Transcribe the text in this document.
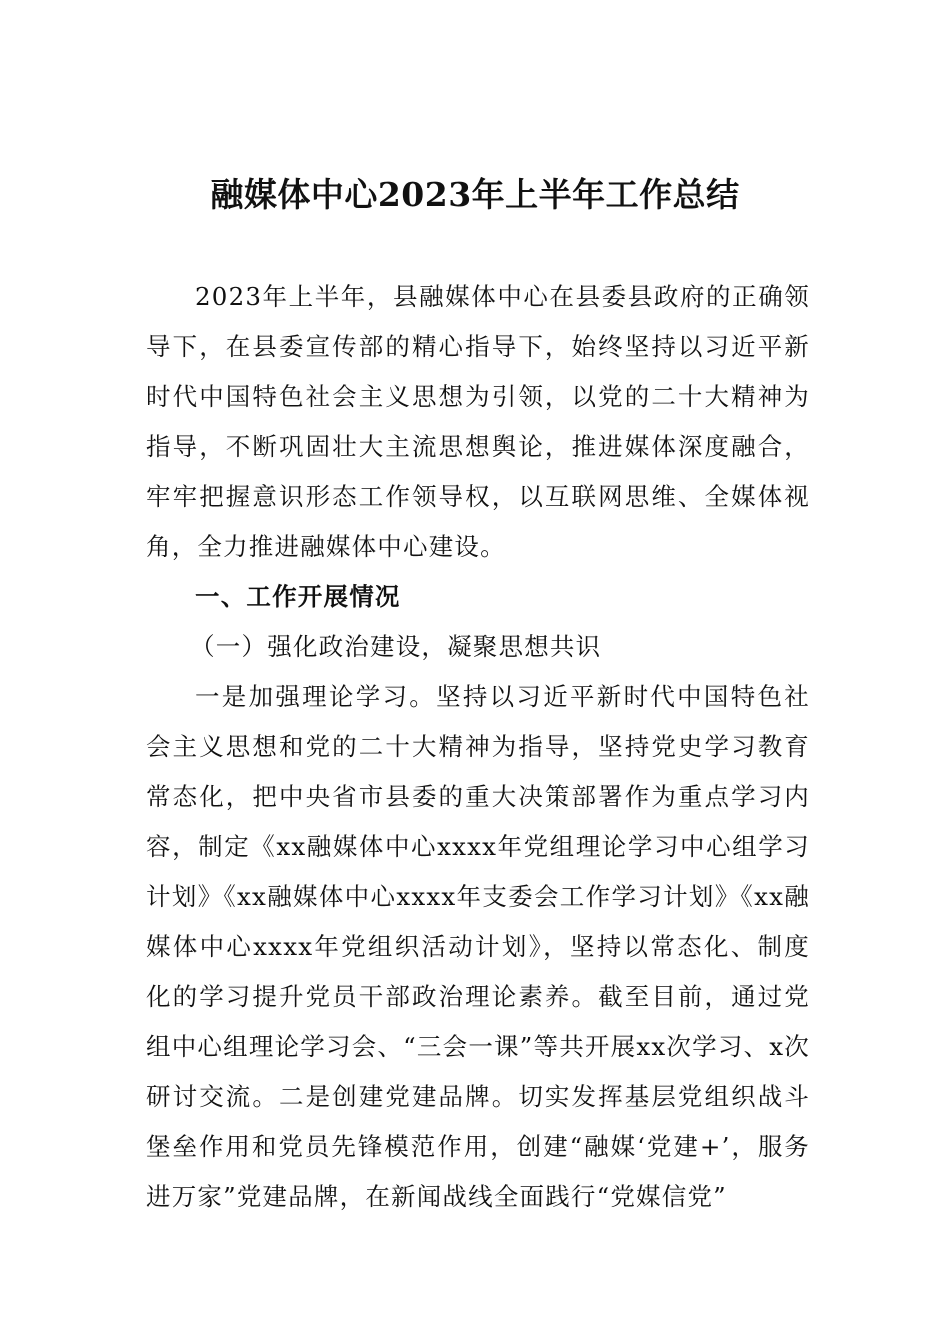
融媒体中心2023年上半年工作总结

2023年上半年，县融媒体中心在县委县政府的正确领导下，在县委宣传部的精心指导下，始终坚持以习近平新时代中国特色社会主义思想为引领，以党的二十大精神为指导，不断巩固壮大主流思想舆论，推进媒体深度融合，牢牢把握意识形态工作领导权，以互联网思维、全媒体视角，全力推进融媒体中心建设。

一、工作开展情况

（一）强化政治建设，凝聚思想共识

一是加强理论学习。坚持以习近平新时代中国特色社会主义思想和党的二十大精神为指导，坚持党史学习教育常态化，把中央省市县委的重大决策部署作为重点学习内容，制定《xx融媒体中心xxxx年党组理论学习中心组学习计划》《xx融媒体中心xxxx年支委会工作学习计划》《xx融媒体中心xxxx年党组织活动计划》，坚持以常态化、制度化的学习提升党员干部政治理论素养。截至目前，通过党组中心组理论学习会、“三会一课”等共开展xx次学习、x次研讨交流。二是创建党建品牌。切实发挥基层党组织战斗堡垒作用和党员先锋模范作用，创建“融媒‘党建+’，服务进万家”党建品牌，在新闻战线全面践行“党媒信党”
